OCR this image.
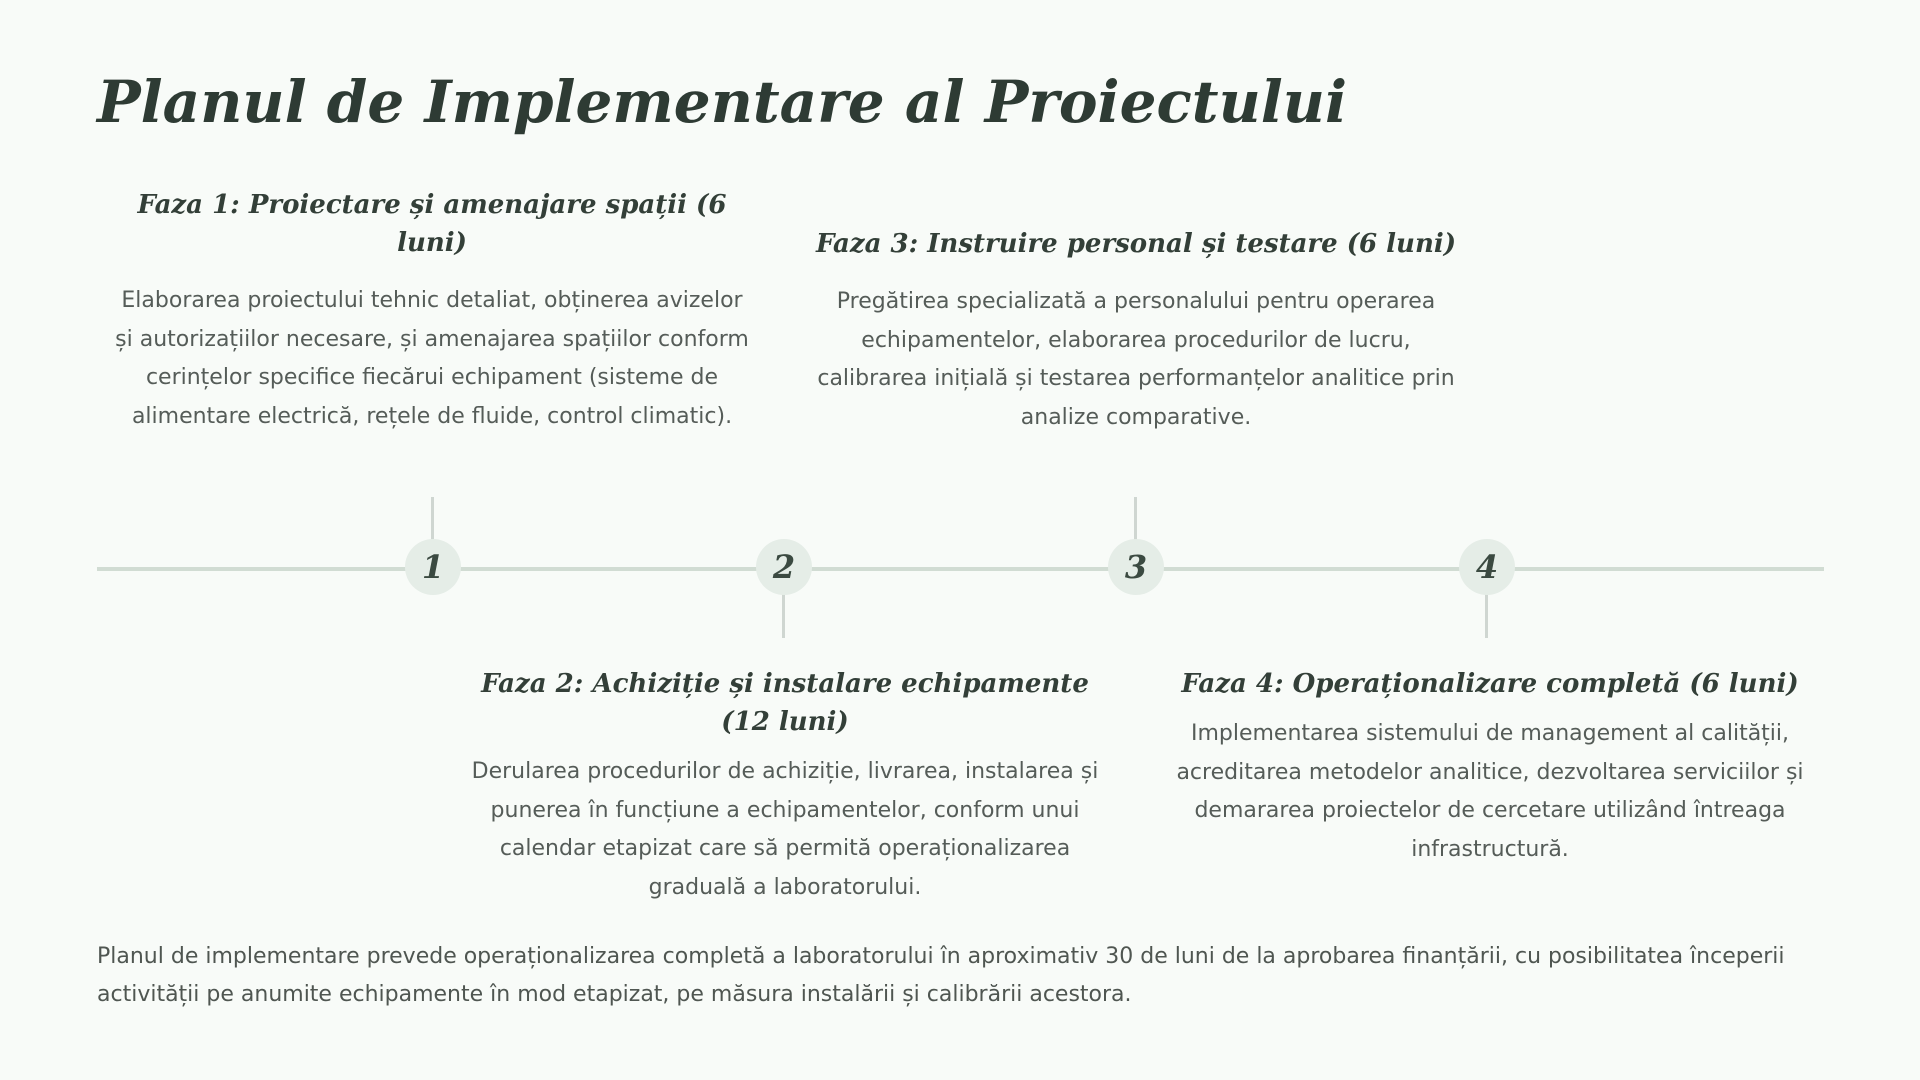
Planul de Implementare al Proiectului
Faza 1: Proiectare și amenajare spații (6 luni)
Elaborarea proiectului tehnic detaliat, obținerea avizelor și autorizațiilor necesare, și amenajarea spațiilor conform cerințelor specifice fiecărui echipament (sisteme de alimentare electrică, rețele de fluide, control climatic).
Faza 3: Instruire personal și testare (6 luni)
Pregătirea specializată a personalului pentru operarea echipamentelor, elaborarea procedurilor de lucru, calibrarea inițială și testarea performanțelor analitice prin analize comparative.
1	2	3	4
Faza 2: Achiziție și instalare echipamente (12 luni)
Derularea procedurilor de achiziție, livrarea, instalarea și punerea în funcțiune a echipamentelor, conform unui calendar etapizat care să permită operaționalizarea graduală a laboratorului.
Faza 4: Operaționalizare completă (6 luni)
Implementarea sistemului de management al calității, acreditarea metodelor analitice, dezvoltarea serviciilor și demararea proiectelor de cercetare utilizând întreaga infrastructură.
Planul de implementare prevede operaționalizarea completă a laboratorului în aproximativ 30 de luni de la aprobarea finanțării, cu posibilitatea începerii activității pe anumite echipamente în mod etapizat, pe măsura instalării și calibrării acestora.
